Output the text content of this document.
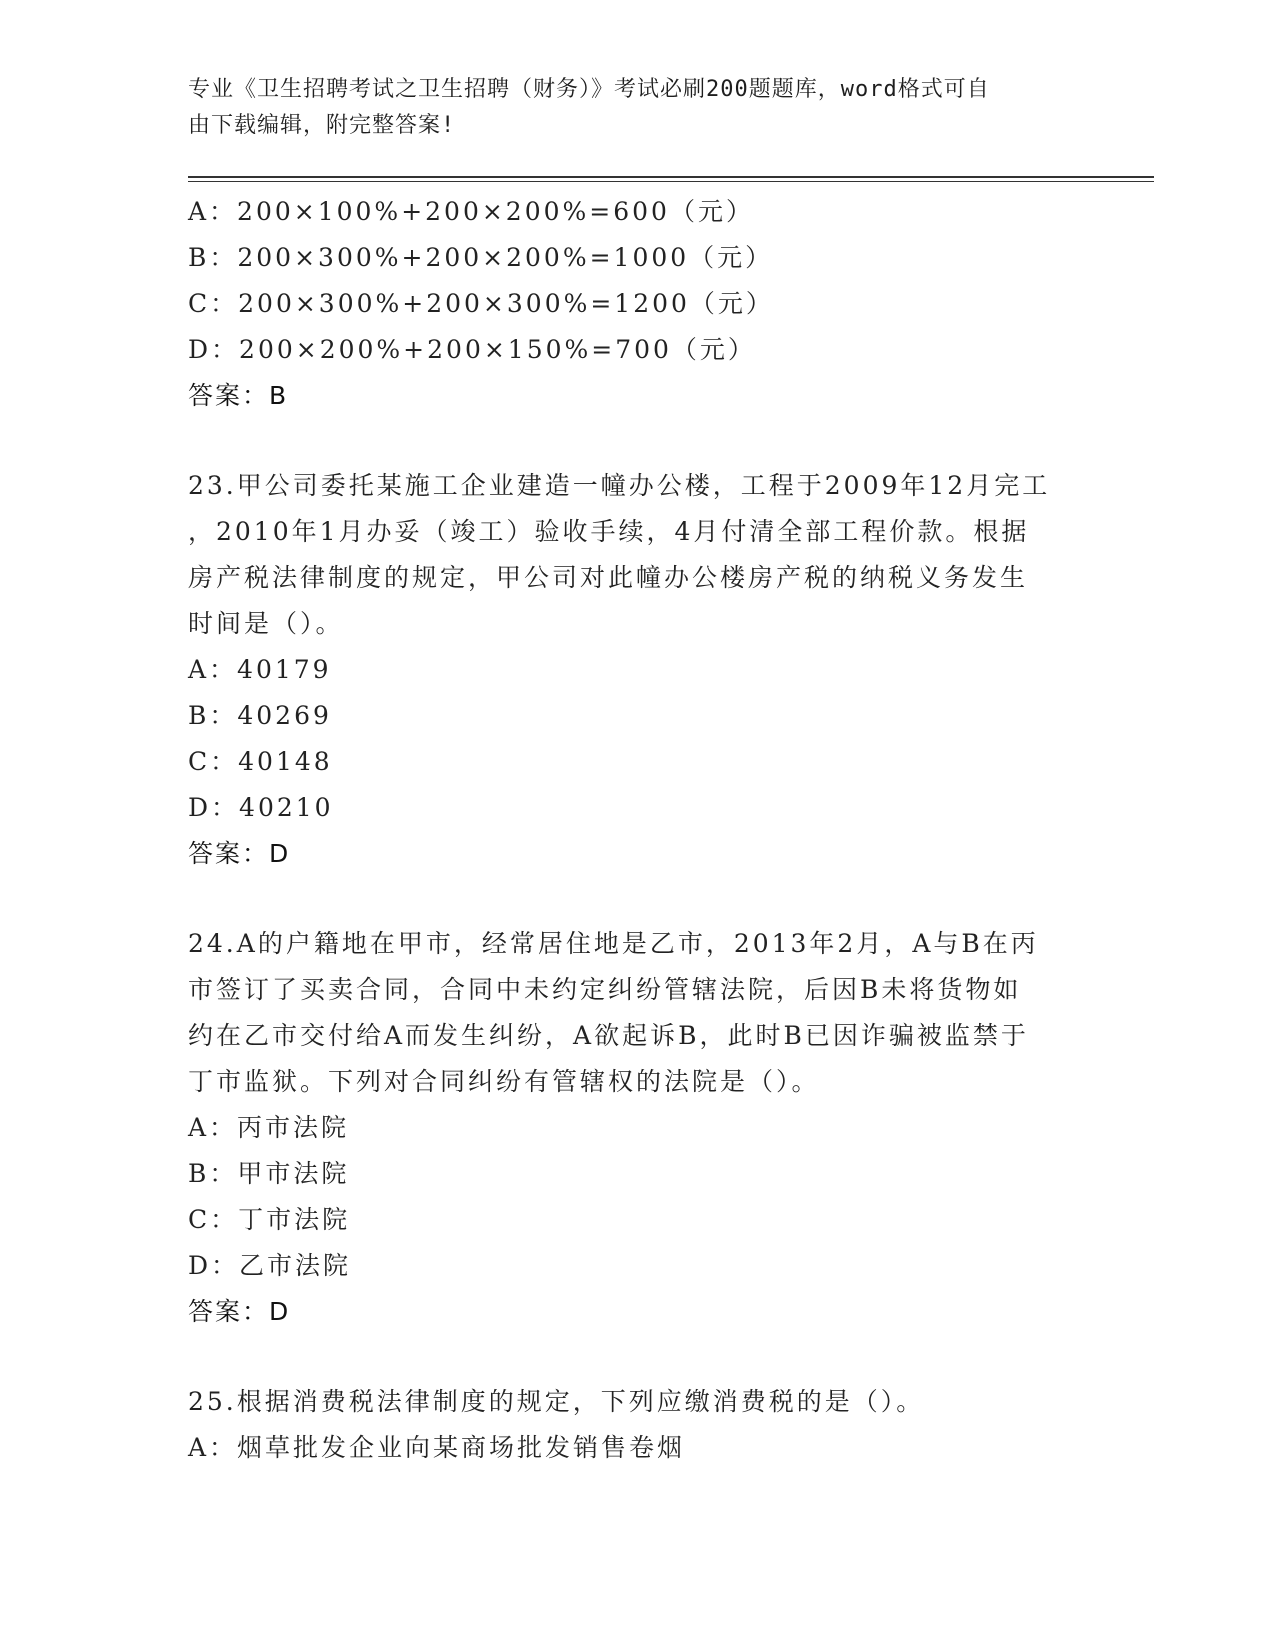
专业《卫生招聘考试之卫生招聘（财务）》考试必刷200题题库，word格式可自
由下载编辑，附完整答案!
A：200×100%+200×200%=600（元）
B：200×300%+200×200%=1000（元）
C：200×300%+200×300%=1200（元）
D：200×200%+200×150%=700（元）
答案：B
23.甲公司委托某施工企业建造一幢办公楼，工程于2009年12月完工
，2010年1月办妥（竣工）验收手续，4月付清全部工程价款。根据
房产税法律制度的规定，甲公司对此幢办公楼房产税的纳税义务发生
时间是（）。
A：40179
B：40269
C：40148
D：40210
答案：D
24.A的户籍地在甲市，经常居住地是乙市，2013年2月，A与B在丙
市签订了买卖合同，合同中未约定纠纷管辖法院，后因B未将货物如
约在乙市交付给A而发生纠纷，A欲起诉B，此时B已因诈骗被监禁于
丁市监狱。下列对合同纠纷有管辖权的法院是（）。
A：丙市法院
B：甲市法院
C：丁市法院
D：乙市法院
答案：D
25.根据消费税法律制度的规定，下列应缴消费税的是（）。
A：烟草批发企业向某商场批发销售卷烟
